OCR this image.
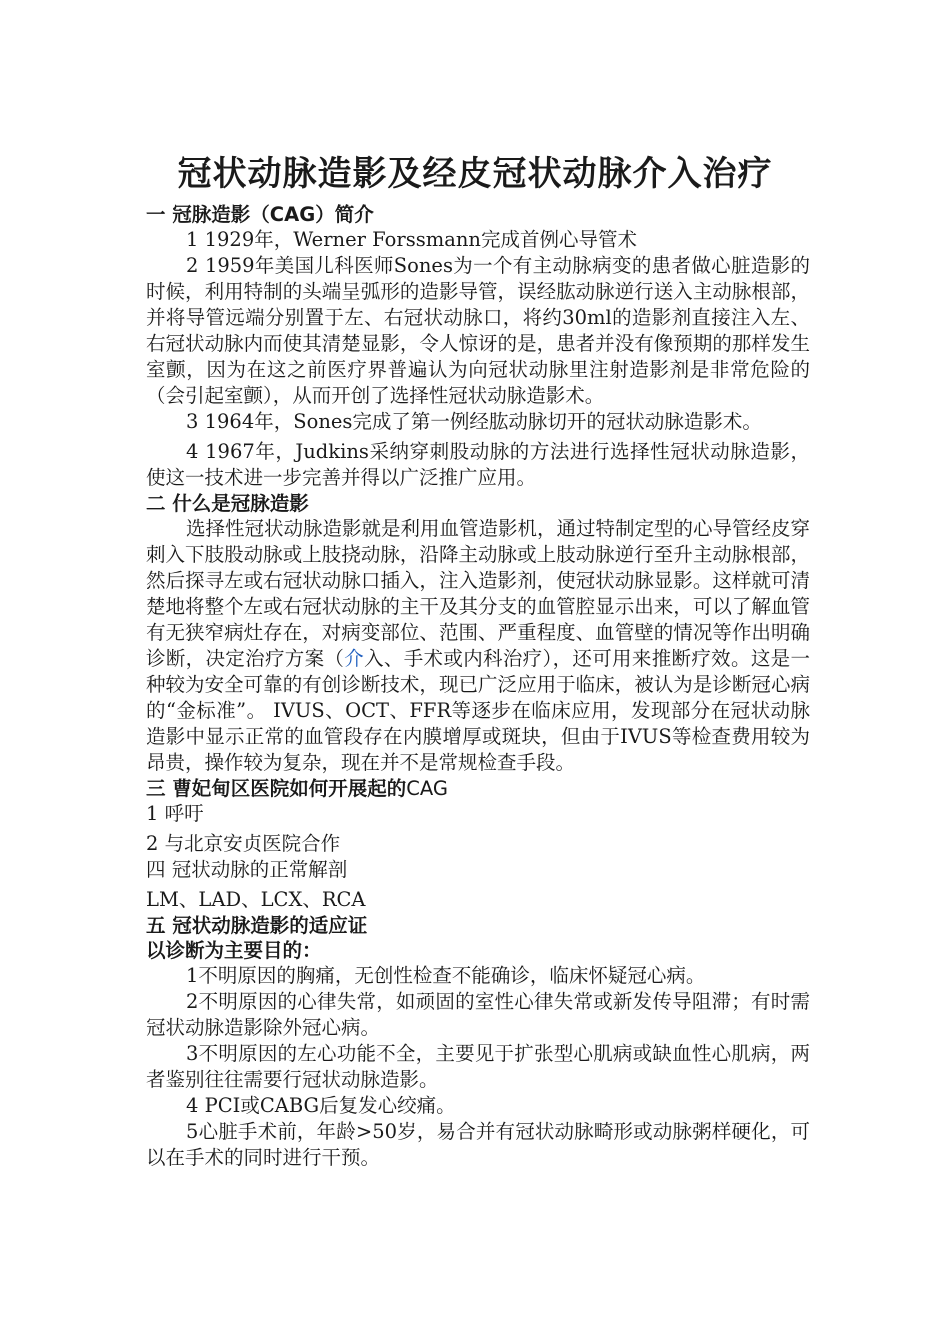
冠状动脉造影及经皮冠状动脉介入治疗

一 冠脉造影（CAG）简介

1 1929年，Werner Forssmann完成首例心导管术

2 1959年美国儿科医师Sones为一个有主动脉病变的患者做心脏造影的时候，利用特制的头端呈弧形的造影导管，误经肱动脉逆行送入主动脉根部，并将导管远端分别置于左、右冠状动脉口，将约30ml的造影剂直接注入左、右冠状动脉内而使其清楚显影，令人惊讶的是，患者并没有像预期的那样发生室颤，因为在这之前医疗界普遍认为向冠状动脉里注射造影剂是非常危险的（会引起室颤），从而开创了选择性冠状动脉造影术。

3 1964年，Sones完成了第一例经肱动脉切开的冠状动脉造影术。

4 1967年，Judkins采纳穿刺股动脉的方法进行选择性冠状动脉造影，使这一技术进一步完善并得以广泛推广应用。

二 什么是冠脉造影

选择性冠状动脉造影就是利用血管造影机，通过特制定型的心导管经皮穿刺入下肢股动脉或上肢挠动脉，沿降主动脉或上肢动脉逆行至升主动脉根部，然后探寻左或右冠状动脉口插入，注入造影剂，使冠状动脉显影。这样就可清楚地将整个左或右冠状动脉的主干及其分支的血管腔显示出来，可以了解血管有无狭窄病灶存在，对病变部位、范围、严重程度、血管壁的情况等作出明确诊断，决定治疗方案（介入、手术或内科治疗），还可用来推断疗效。这是一种较为安全可靠的有创诊断技术，现已广泛应用于临床，被认为是诊断冠心病的“金标准”。 IVUS、OCT、FFR等逐步在临床应用，发现部分在冠状动脉造影中显示正常的血管段存在内膜增厚或斑块，但由于IVUS等检查费用较为昂贵，操作较为复杂，现在并不是常规检查手段。

三 曹妃甸区医院如何开展起的CAG

1 呼吁

2 与北京安贞医院合作

四 冠状动脉的正常解剖

LM、LAD、LCX、RCA

五 冠状动脉造影的适应证

以诊断为主要目的：

1不明原因的胸痛，无创性检查不能确诊，临床怀疑冠心病。

2不明原因的心律失常，如顽固的室性心律失常或新发传导阻滞；有时需冠状动脉造影除外冠心病。

3不明原因的左心功能不全，主要见于扩张型心肌病或缺血性心肌病，两者鉴别往往需要行冠状动脉造影。

4 PCI或CABG后复发心绞痛。

5心脏手术前，年龄>50岁，易合并有冠状动脉畸形或动脉粥样硬化，可以在手术的同时进行干预。
